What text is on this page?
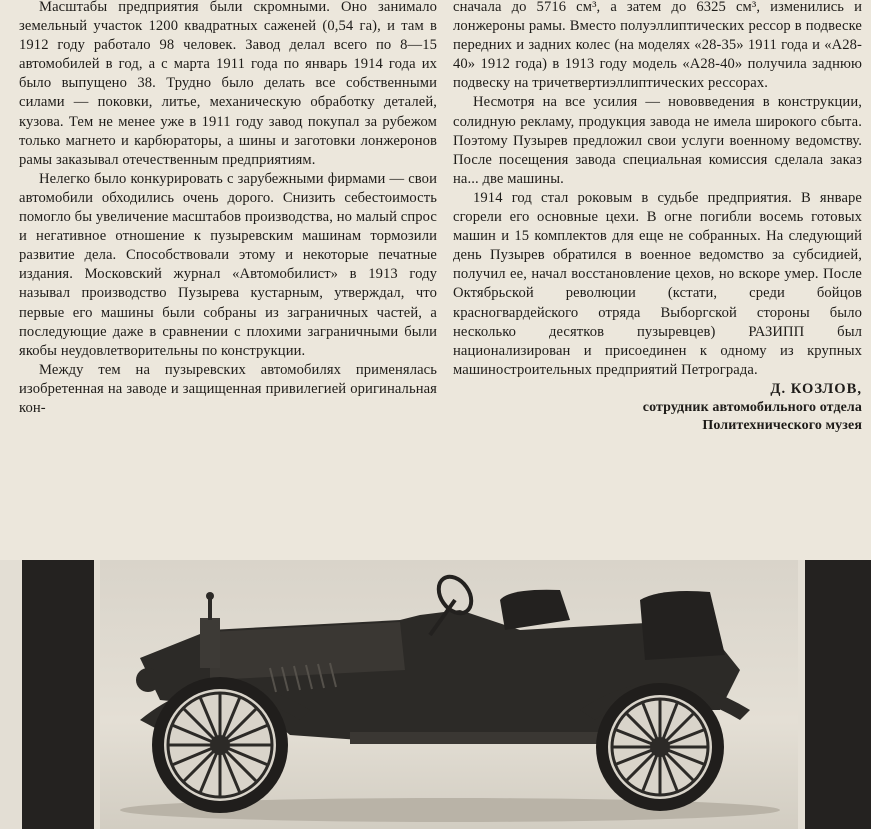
Масштабы предприятия были скромными. Оно занимало земельный участок 1200 квадратных саженей (0,54 га), и там в 1912 году работало 98 человек. Завод делал всего по 8—15 автомобилей в год, а с марта 1911 года по январь 1914 года их было выпущено 38. Трудно было делать все собственными силами — поковки, литье, механическую обработку деталей, кузова. Тем не менее уже в 1911 году завод покупал за рубежом только магнето и карбюраторы, а шины и заготовки лонжеронов рамы заказывал отечественным предприятиям.

Нелегко было конкурировать с зарубежными фирмами — свои автомобили обходились очень дорого. Снизить себестоимость помогло бы увеличение масштабов производства, но малый спрос и негативное отношение к пузыревским машинам тормозили развитие дела. Способствовали этому и некоторые печатные издания. Московский журнал «Автомобилист» в 1913 году называл производство Пузырева кустарным, утверждал, что первые его машины были собраны из заграничных частей, а последующие даже в сравнении с плохими заграничными были якобы неудовлетворительны по конструкции.

Между тем на пузыревских автомобилях применялась изобретенная на заводе и защищенная привилегией оригинальная кон-

сначала до 5716 см³, а затем до 6325 см³, изменились и лонжероны рамы. Вместо полуэллиптических рессор в подвеске передних и задних колес (на моделях «28-35» 1911 года и «А28-40» 1912 года) в 1913 году модель «А28-40» получила заднюю подвеску на тричетвертиэллиптических рессорах.

Несмотря на все усилия — нововведения в конструкции, солидную рекламу, продукция завода не имела широкого сбыта. Поэтому Пузырев предложил свои услуги военному ведомству. После посещения завода специальная комиссия сделала заказ на... две машины.

1914 год стал роковым в судьбе предприятия. В январе сгорели его основные цехи. В огне погибли восемь готовых машин и 15 комплектов для еще не собранных. На следующий день Пузырев обратился в военное ведомство за субсидией, получил ее, начал восстановление цехов, но вскоре умер. После Октябрьской революции (кстати, среди бойцов красногвардейского отряда Выборгской стороны было несколько десятков пузыревцев) РАЗИПП был национализирован и присоединен к одному из крупных машиностроительных предприятий Петрограда.

Д. КОЗЛОВ,
сотрудник автомобильного отдела
Политехнического музея
